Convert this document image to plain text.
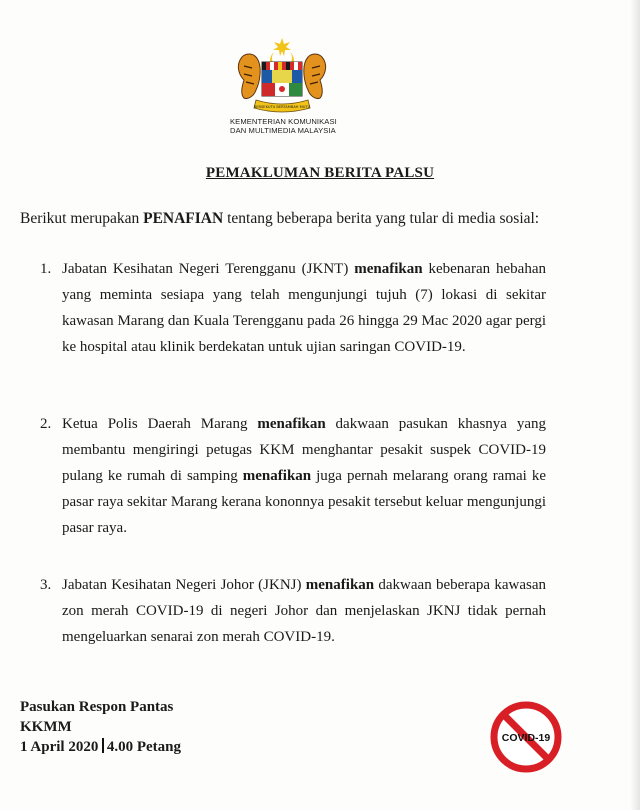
BERSEKUTU BERTAMBAH MUTU
KEMENTERIAN KOMUNIKASI
DAN MULTIMEDIA MALAYSIA
PEMAKLUMAN BERITA PALSU
Berikut merupakan PENAFIAN tentang beberapa berita yang tular di media sosial:
1. Jabatan Kesihatan Negeri Terengganu (JKNT) menafikan kebenaran hebahan yang meminta sesiapa yang telah mengunjungi tujuh (7) lokasi di sekitar kawasan Marang dan Kuala Terengganu pada 26 hingga 29 Mac 2020 agar pergi ke hospital atau klinik berdekatan untuk ujian saringan COVID-19.
2. Ketua Polis Daerah Marang menafikan dakwaan pasukan khasnya yang membantu mengiringi petugas KKM menghantar pesakit suspek COVID-19 pulang ke rumah di samping menafikan juga pernah melarang orang ramai ke pasar raya sekitar Marang kerana kononnya pesakit tersebut keluar mengunjungi pasar raya.
3. Jabatan Kesihatan Negeri Johor (JKNJ) menafikan dakwaan beberapa kawasan zon merah COVID-19 di negeri Johor dan menjelaskan JKNJ tidak pernah mengeluarkan senarai zon merah COVID-19.
Pasukan Respon Pantas
KKMM
1 April 2020 4.00 Petang
COVID-19
